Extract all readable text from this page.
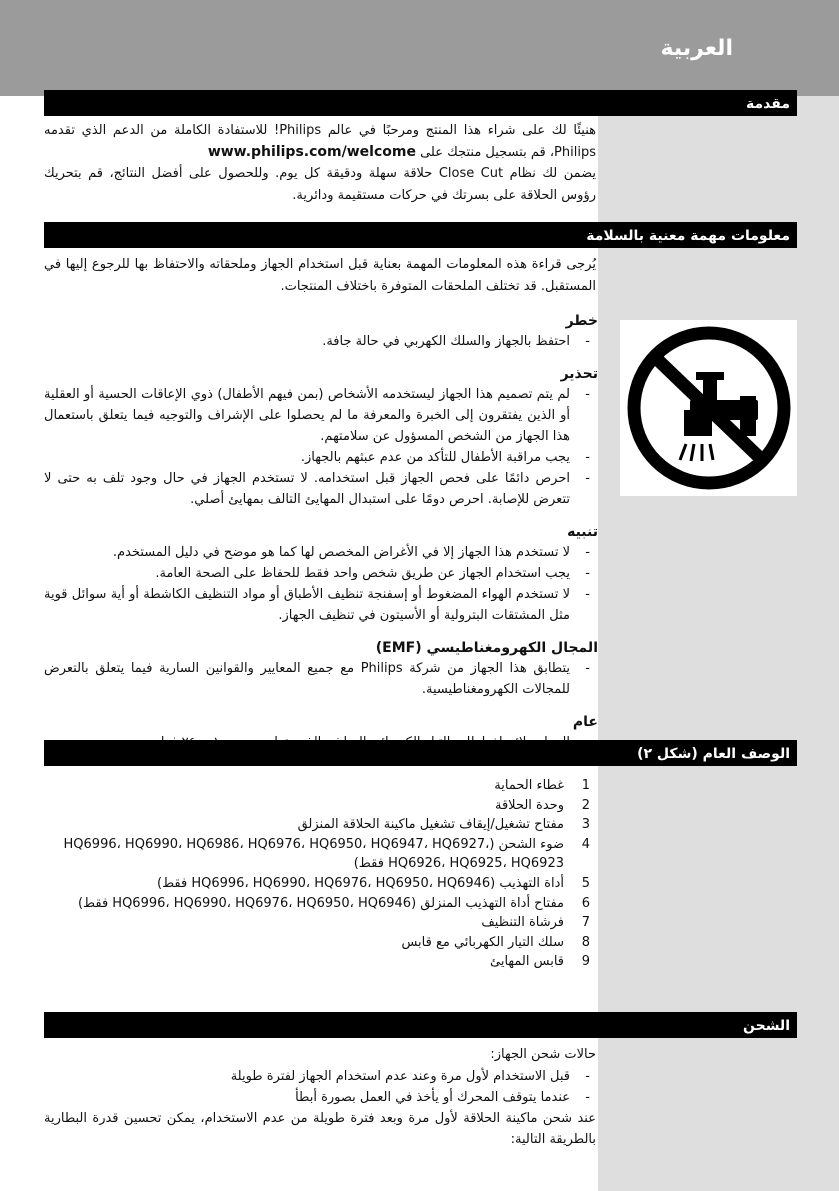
العربية
مقدمة
هنيئًا لك على شراء هذا المنتج ومرحبًا في عالم Philips! للاستفادة الكاملة من الدعم الذي تقدمه Philips، قم بتسجيل منتجك على www.philips.com/welcome
يضمن لك نظام Close Cut حلاقة سهلة ودقيقة كل يوم. وللحصول على أفضل النتائج، قم بتحريك رؤوس الحلاقة على بسرتك في حركات مستقيمة ودائرية.
معلومات مهمة معنية بالسلامة
يُرجى قراءة هذه المعلومات المهمة بعناية قبل استخدام الجهاز وملحقاته والاحتفاظ بها للرجوع إليها في المستقبل. قد تختلف الملحقات المتوفرة باختلاف المنتجات.
خطر
- احتفظ بالجهاز والسلك الكهربي في حالة جافة.
تحذير
- لم يتم تصميم هذا الجهاز ليستخدمه الأشخاص (بمن فيهم الأطفال) ذوي الإعاقات الحسية أو العقلية أو الذين يفتقرون إلى الخبرة والمعرفة ما لم يحصلوا على الإشراف والتوجيه فيما يتعلق باستعمال هذا الجهاز من الشخص المسؤول عن سلامتهم.
- يجب مراقبة الأطفال للتأكد من عدم عبثهم بالجهاز.
- احرص دائمًا على فحص الجهاز قبل استخدامه. لا تستخدم الجهاز في حال وجود تلف به حتى لا تتعرض للإصابة. احرص دومًا على استبدال المهايئ التالف بمهايئ أصلي.
تنبيه
- لا تستخدم هذا الجهاز إلا في الأغراض المخصص لها كما هو موضح في دليل المستخدم.
- يجب استخدام الجهاز عن طريق شخص واحد فقط للحفاظ على الصحة العامة.
- لا تستخدم الهواء المضغوط أو إسفنجة تنظيف الأطباق أو مواد التنظيف الكاشطة أو أية سوائل قوية مثل المشتقات البترولية أو الأسيتون في تنظيف الجهاز.
المجال الكهرومغناطيسي (EMF)
- يتطابق هذا الجهاز من شركة Philips مع جميع المعايير والقوانين السارية فيما يتعلق بالتعرض للمجالات الكهرومغناطيسية.
عام
-
الوصف العام (شكل ٢)
1
غطاء الحماية
2
وحدة الحلاقة
3
مفتاح تشغيل/إيقاف تشغيل ماكينة الحلاقة المنزلق
4
ضوء الشحن (HQ6996، HQ6990، HQ6986، HQ6976، HQ6950، HQ6947، HQ6927، HQ6926، HQ6925، HQ6923 فقط)
5
أداة التهذيب (HQ6996، HQ6990، HQ6976، HQ6950، HQ6946 فقط)
6
مفتاح أداة التهذيب المنزلق (HQ6996، HQ6990، HQ6976، HQ6950، HQ6946 فقط)
7
فرشاة التنظيف
8
سلك التيار الكهربائي مع قابس
9
قابس المهايئ
الشحن
حالات شحن الجهاز:
- قبل الاستخدام لأول مرة وعند عدم استخدام الجهاز لفترة طويلة
- عندما يتوقف المحرك أو يأخذ في العمل بصورة أبطأ
عند شحن ماكينة الحلاقة لأول مرة وبعد فترة طويلة من عدم الاستخدام، يمكن تحسين قدرة البطارية بالطريقة التالية:
